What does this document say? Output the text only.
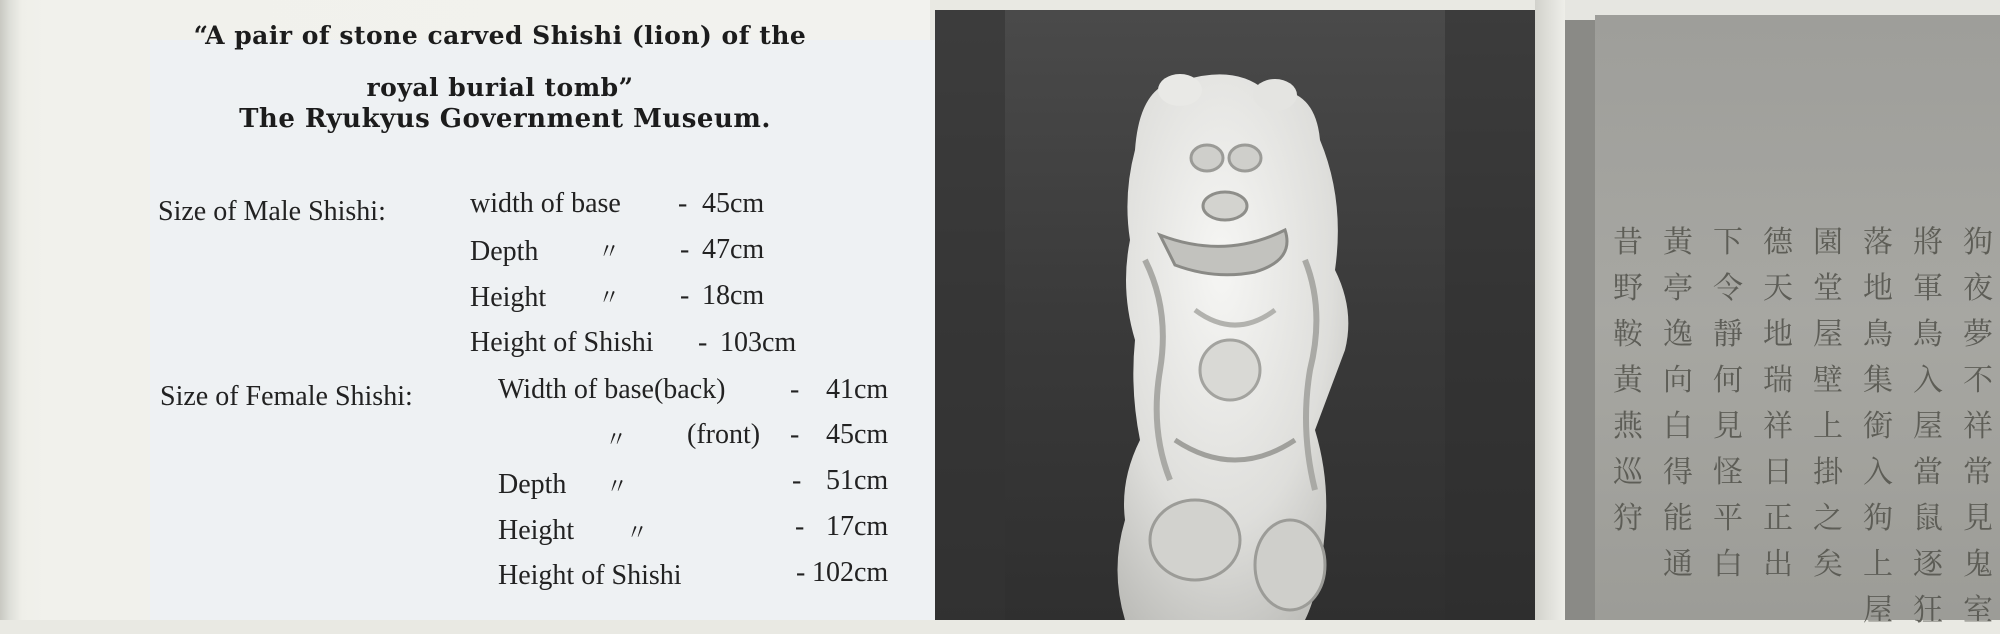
“A pair of stone carved Shishi (lion) of the
royal burial tomb”
The Ryukyus Government Museum.
Size of Male Shishi:	width of base - 45cm
Depth	〃 - 47cm
Height 〃 - 18cm
Height of Shishi - 103cm
Size of Female Shishi:	Width of base(back) - 41cm
〃 (front) - 45cm
Depth 〃	- 51cm
Height 〃	- 17cm
Height of Shishi	- 102cm
狗夜夢不祥常見鬼室
將軍鳥入屋當鼠逐狂
落地鳥集銜入狗上屋
園堂屋壁上掛之矣
德天地瑞祥日正出
下令靜何見怪平白
黃亭逸向白得能通
昔野鞍黃燕巡狩
